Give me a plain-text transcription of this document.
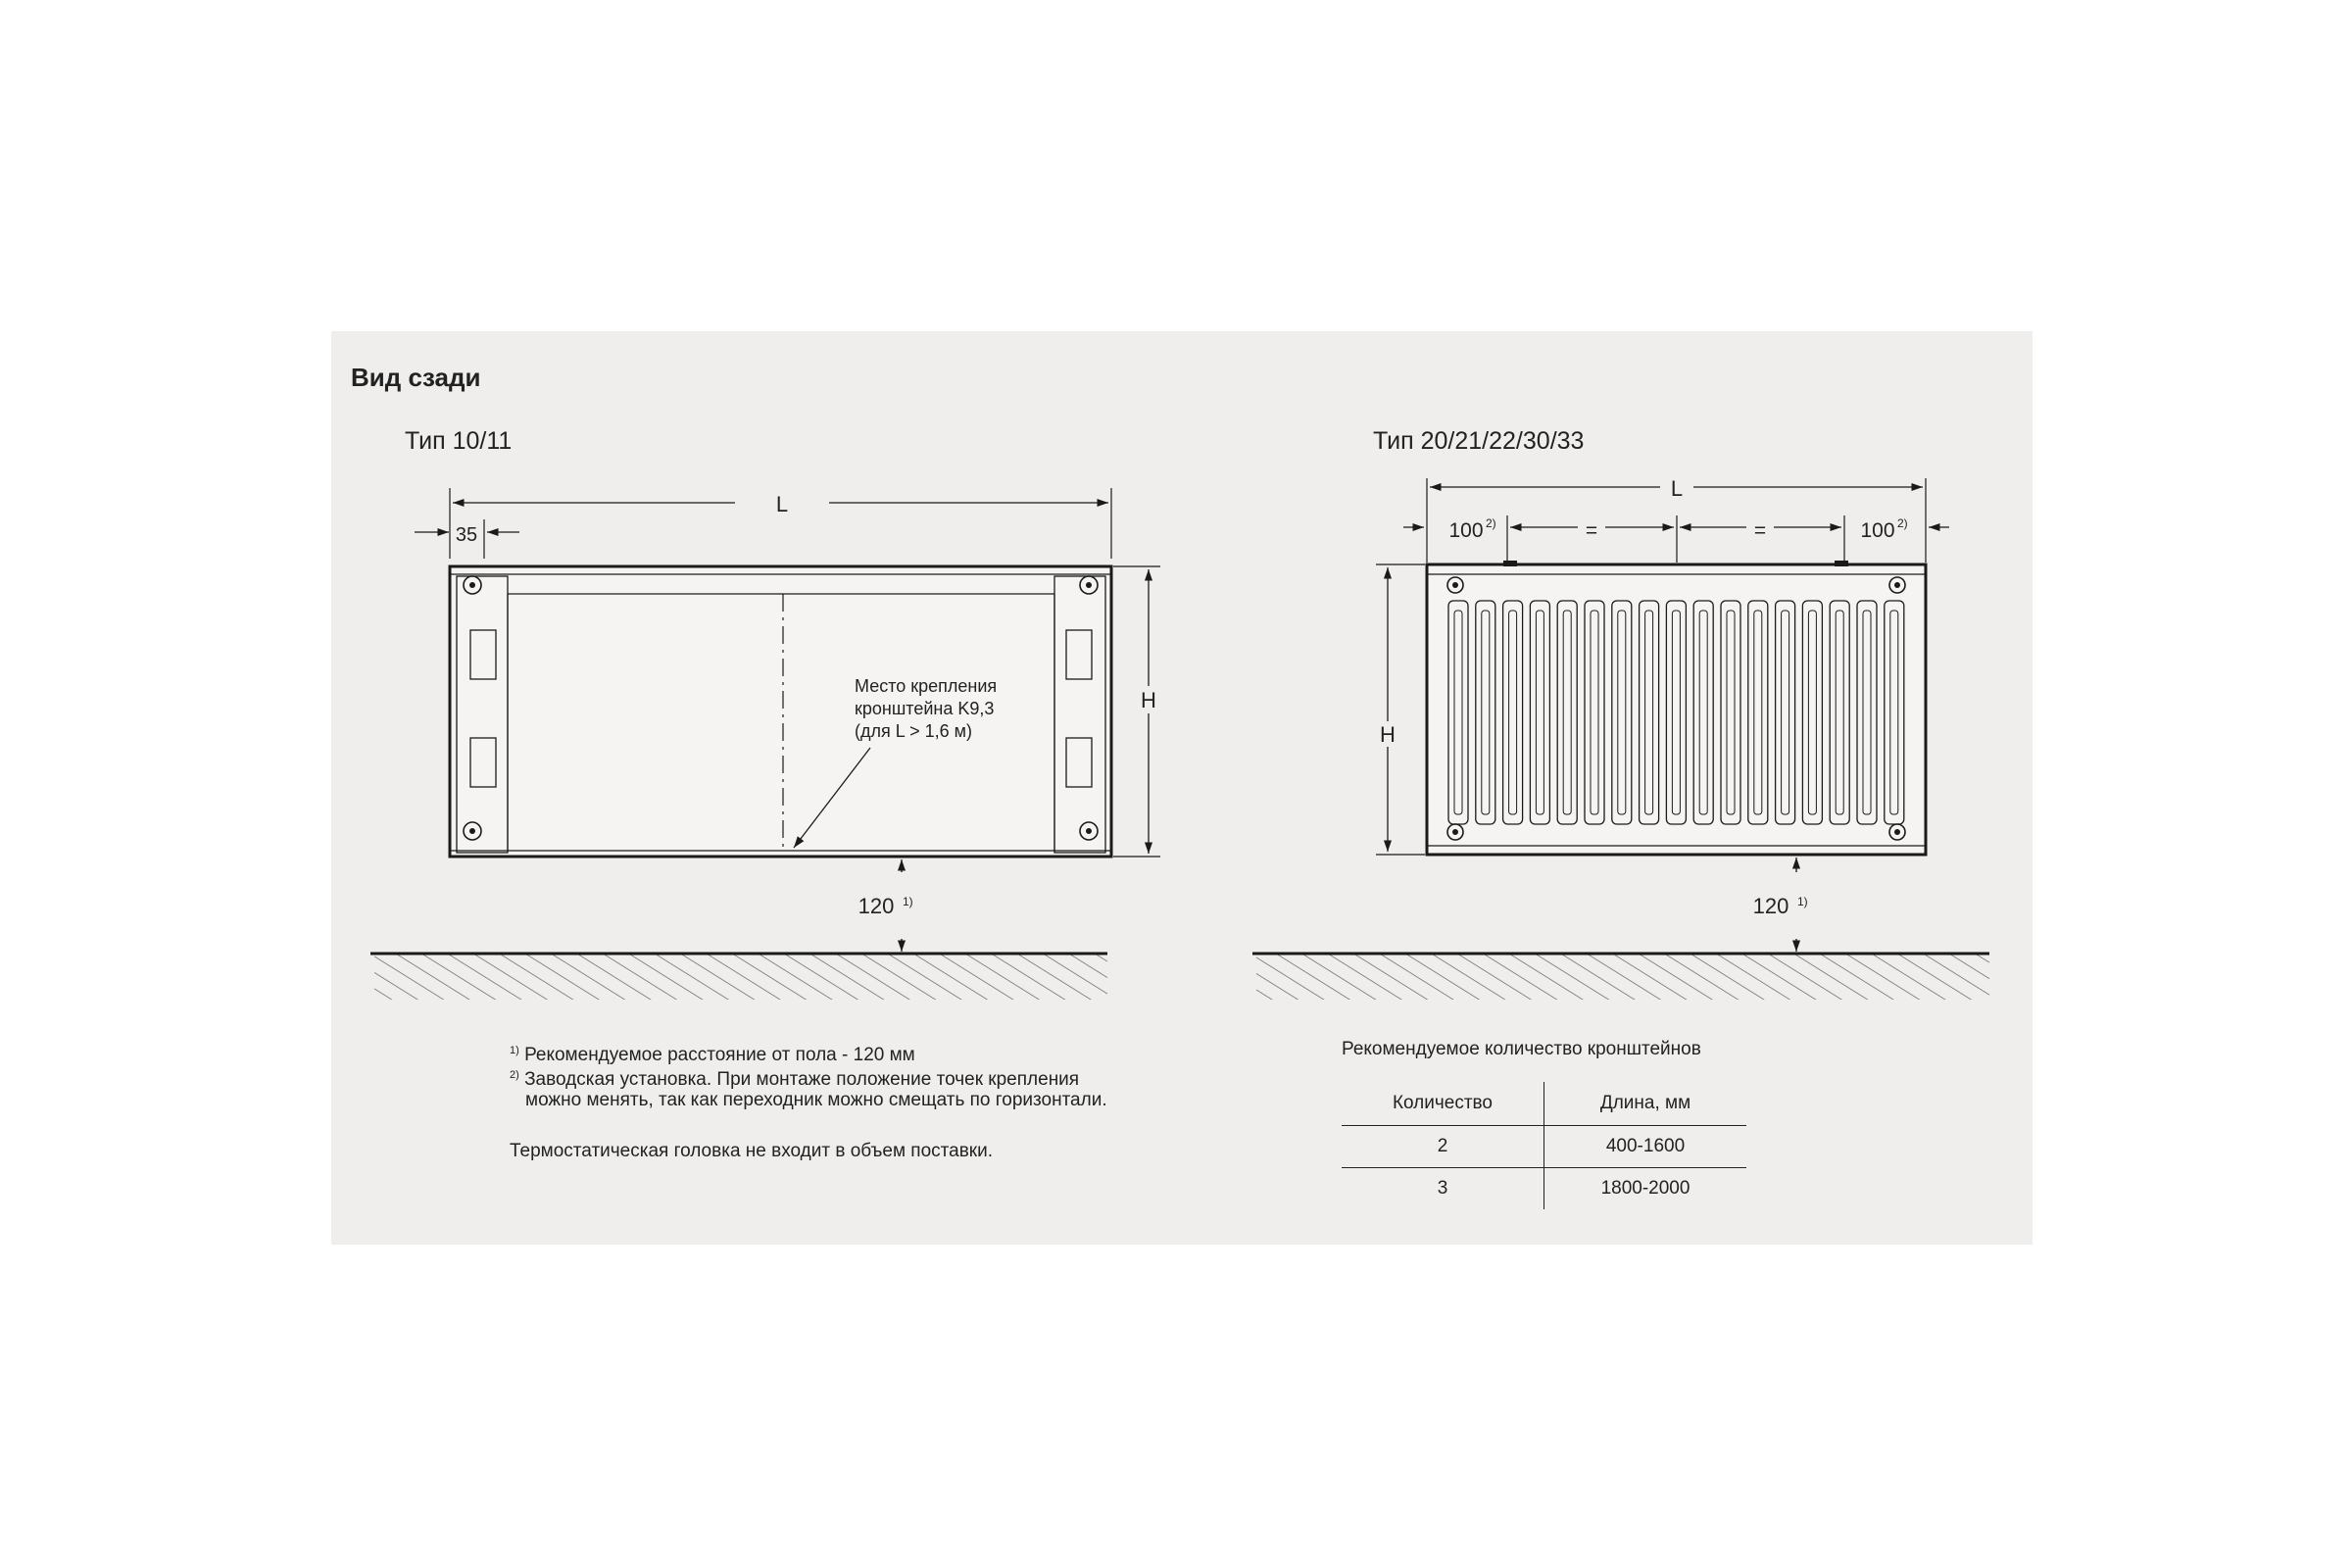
Вид сзади
Тип 10/11
L
35
Место крепления
кронштейна K9,3
(для L > 1,6 м)
H
120 1)
Тип 20/21/22/30/33
L
100 2)	=	=	100 2)
H
120 1)
$^{1)}$ Рекомендуемое расстояние от пола - 120 мм
$^{2)}$ Заводская установка. При монтаже положение точек крепления
можно менять, так как переходник можно смещать по горизонтали.
Термостатическая головка не входит в объем поставки.
Рекомендуемое количество кронштейнов
Количество	Длина, мм
2	400-1600
3	1800-2000
